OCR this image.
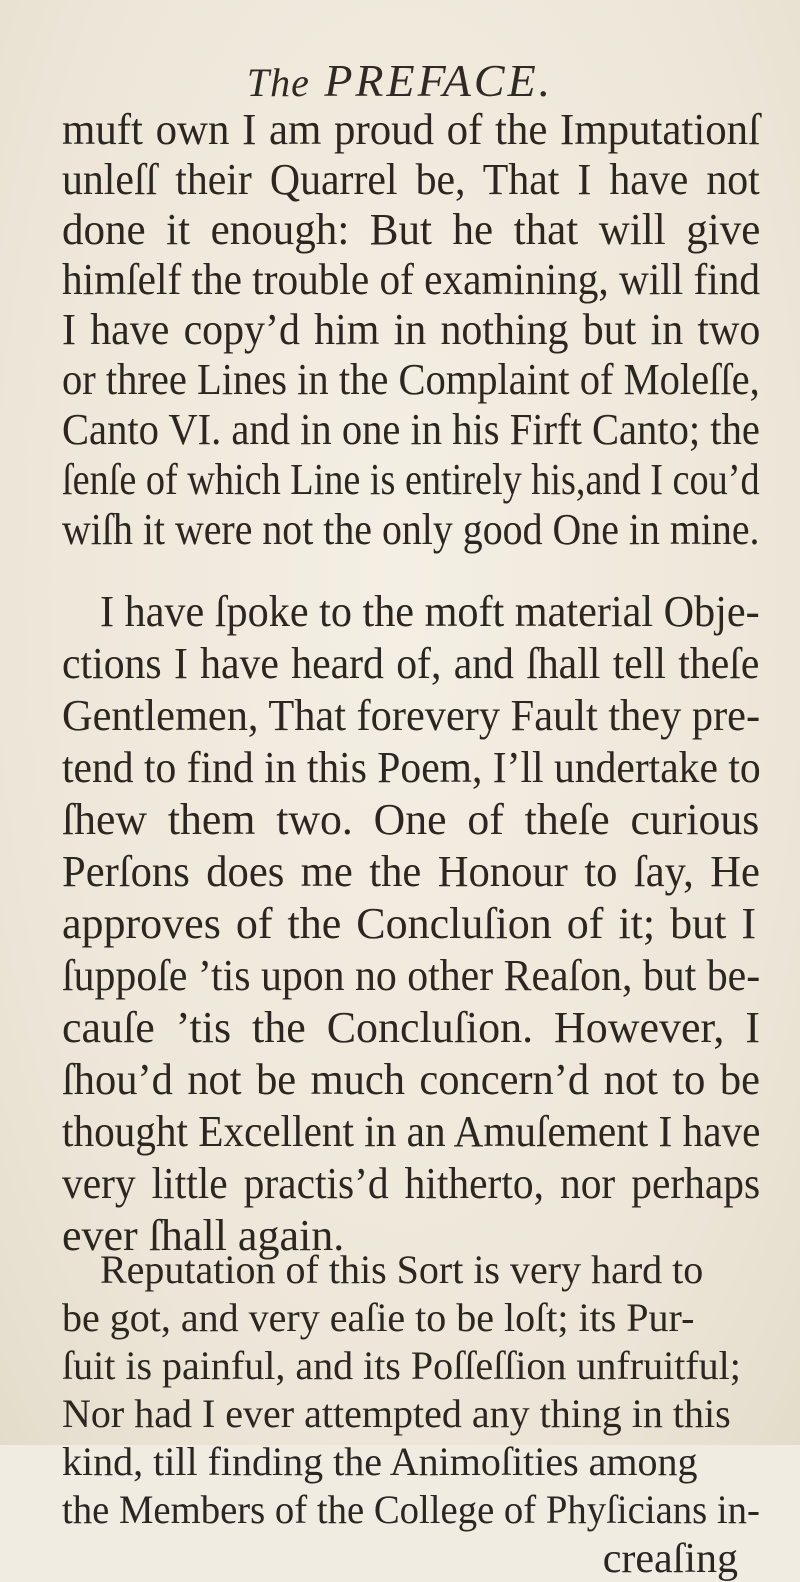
The PREFACE.
muft own I am proud of the Imputationſ
unleſſ their Quarrel be, That I have not
done it enough: But he that will give
himſelf the trouble of examining, will find
I have copy’d him in nothing but in two
or three Lines in the Complaint of Moleſſe,
Canto VI. and in one in his Firft Canto; the
ſenſe of which Line is entirely his,and I cou’d
wiſh it were not the only good One in mine.
I have ſpoke to the moft material Obje-
ctions I have heard of, and ſhall tell theſe
Gentlemen, That forevery Fault they pre-
tend to find in this Poem, I’ll undertake to
ſhew them two. One of theſe curious
Perſons does me the Honour to ſay, He
approves of the Concluſion of it; but I
ſuppoſe ’tis upon no other Reaſon, but be-
cauſe ’tis the Concluſion. However, I
ſhou’d not be much concern’d not to be
thought Excellent in an Amuſement I have
very little practis’d hitherto, nor perhaps
ever ſhall again.
Reputation of this Sort is very hard to
be got, and very eaſie to be loſt; its Pur-
ſuit is painful, and its Poſſeſſion unfruitful;
Nor had I ever attempted any thing in this
kind, till finding the Animoſities among
the Members of the College of Phyſicians in-
creaſing
